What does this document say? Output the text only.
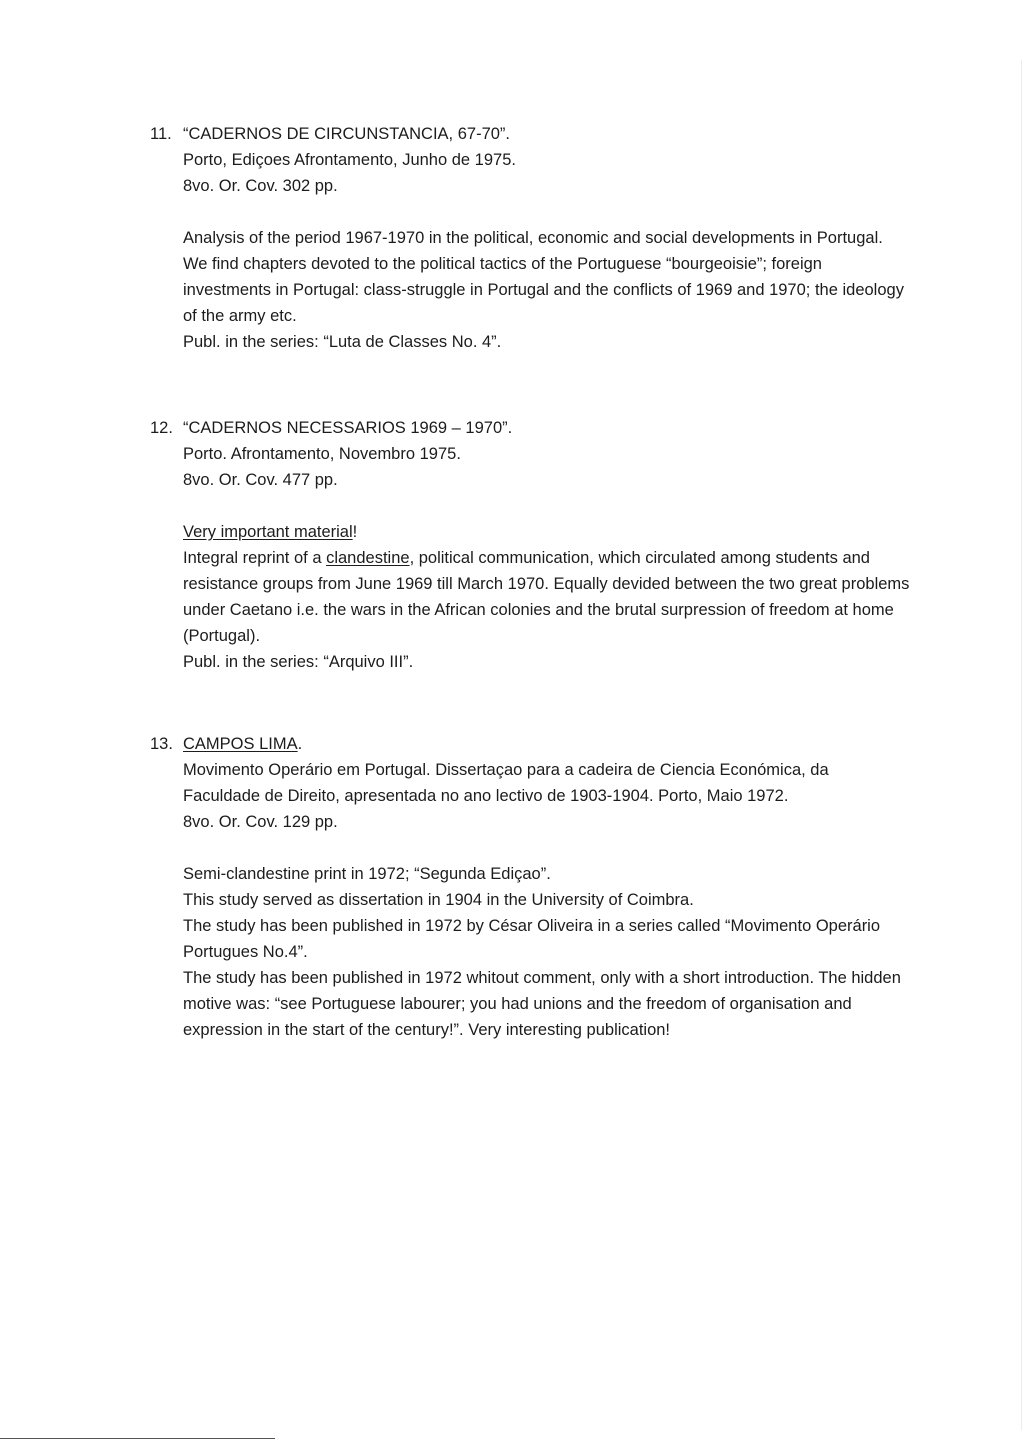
11. “CADERNOS DE CIRCUNSTANCIA, 67-70”.
Porto, Ediçoes Afrontamento, Junho de 1975.
8vo. Or. Cov. 302 pp.

Analysis of the period 1967-1970 in the political, economic and social developments in Portugal. We find chapters devoted to the political tactics of the Portuguese “bourgeoisie”; foreign investments in Portugal: class-struggle in Portugal and the conflicts of 1969 and 1970; the ideology of the army etc.

Publ. in the series: “Luta de Classes No. 4”.

12. “CADERNOS NECESSARIOS 1969 – 1970”.
Porto. Afrontamento, Novembro 1975.
8vo. Or. Cov. 477 pp.

Very important material!

Integral reprint of a clandestine, political communication, which circulated among students and resistance groups from June 1969 till March 1970. Equally devided between the two great problems under Caetano i.e. the wars in the African colonies and the brutal surpression of freedom at home (Portugal).

Publ. in the series: “Arquivo III”.

13. CAMPOS LIMA.
Movimento Operário em Portugal. Dissertaçao para a cadeira de Ciencia Económica, da Faculdade de Direito, apresentada no ano lectivo de 1903-1904. Porto, Maio 1972.
8vo. Or. Cov. 129 pp.

Semi-clandestine print in 1972; “Segunda Ediçao”.

This study served as dissertation in 1904 in the University of Coimbra.

The study has been published in 1972 by César Oliveira in a series called “Movimento Operário Portugues No.4”.

The study has been published in 1972 whitout comment, only with a short introduction. The hidden motive was: “see Portuguese labourer; you had unions and the freedom of organisation and expression in the start of the century!”. Very interesting publication!
